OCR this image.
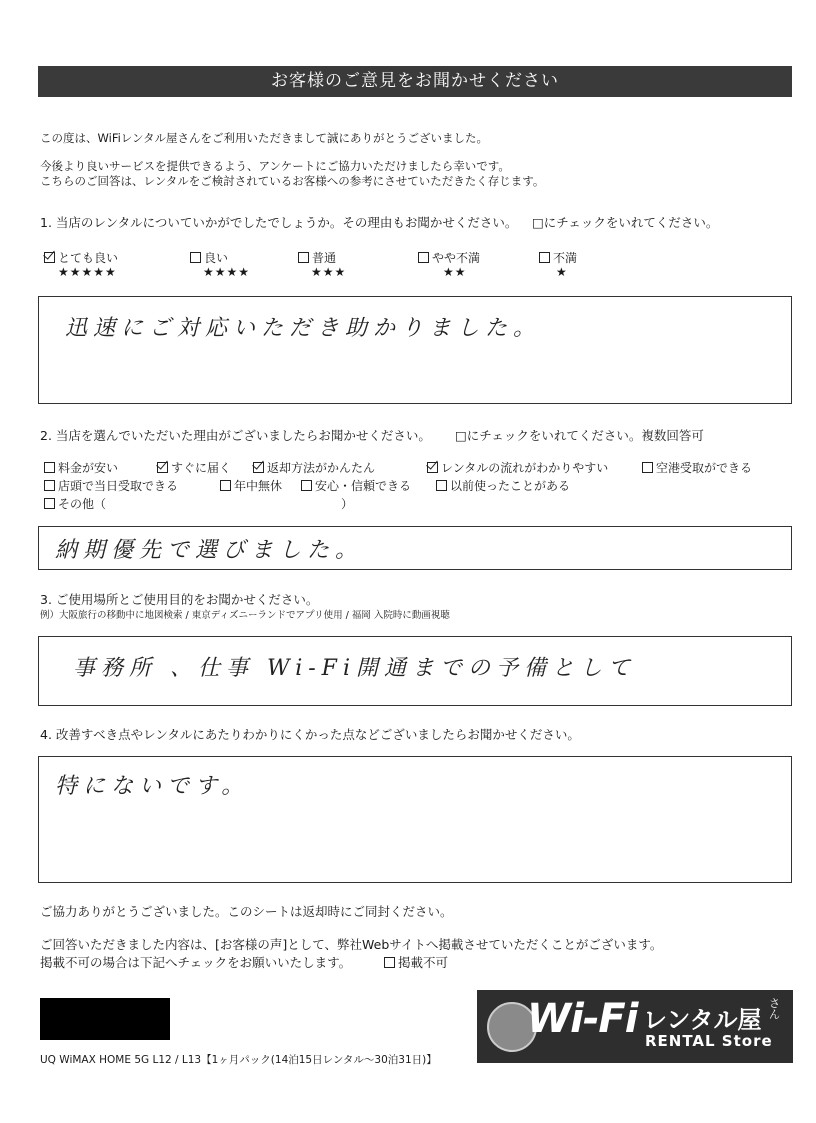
お客様のご意見をお聞かせください
この度は、WiFiレンタル屋さんをご利用いただきまして誠にありがとうございました。
今後より良いサービスを提供できるよう、アンケートにご協力いただけましたら幸いです。
こちらのご回答は、レンタルをご検討されているお客様への参考にさせていただきたく存じます。
1. 当店のレンタルについていかがでしたでしょうか。その理由もお聞かせください。 □にチェックをいれてください。
とても良い
★★★★★
良い
★★★★
普通
★★★
やや不満
★★
不満
★
迅速にご対応いただき助かりました。
2. 当店を選んでいただいた理由がございましたらお聞かせください。 □にチェックをいれてください。複数回答可
料金が安い	すぐに届く	返却方法がかんたん	レンタルの流れがわかりやすい	空港受取ができる
店頭で当日受取できる	年中無休	安心・信頼できる	以前使ったことがある
その他（	）
納期優先で選びました。
3. ご使用場所とご使用目的をお聞かせください。
例）大阪旅行の移動中に地図検索 / 東京ディズニーランドでアプリ使用 / 福岡 入院時に動画視聴
事務所 、仕事 Wi-Fi開通までの予備として
4. 改善すべき点やレンタルにあたりわかりにくかった点などございましたらお聞かせください。
特にないです。
ご協力ありがとうございました。このシートは返却時にご同封ください。
ご回答いただきました内容は、[お客様の声]として、弊社Webサイトへ掲載させていただくことがございます。
掲載不可の場合は下記へチェックをお願いいたします。	掲載不可
UQ WiMAX HOME 5G L12 / L13【1ヶ月パック(14泊15日レンタル～30泊31日)】
Wi-Fi レンタル屋
さん
RENTAL Store
